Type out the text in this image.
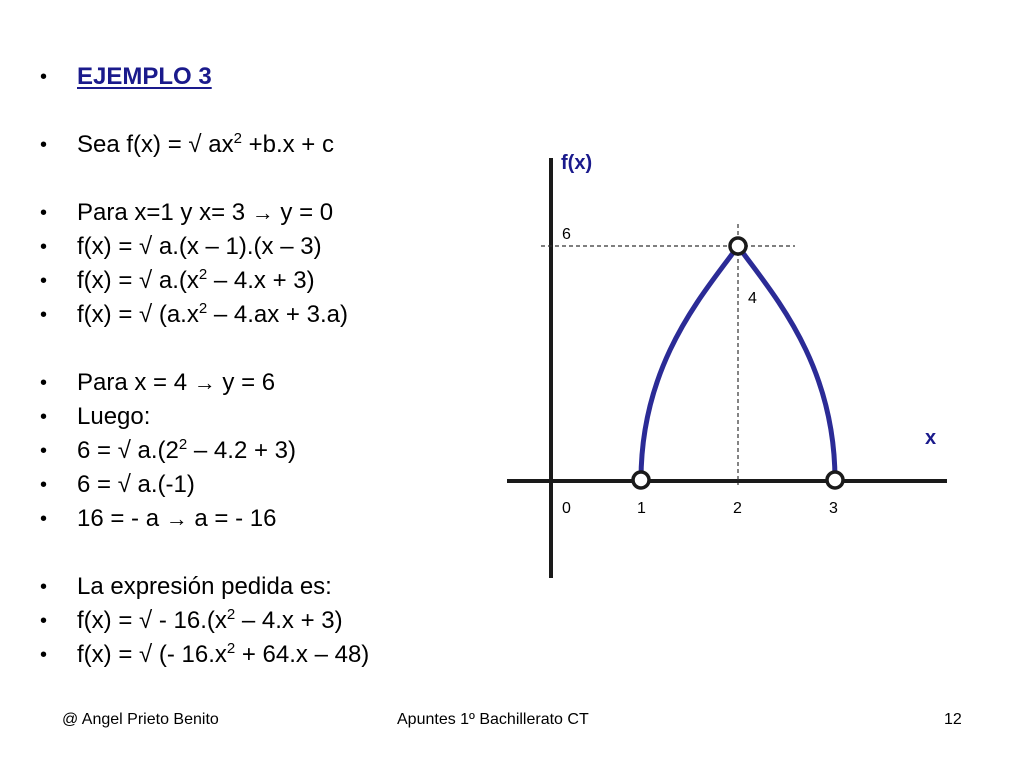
•	EJEMPLO 3
•	Sea f(x) = √ $ax^2 +b.x + c$
•	Para x=1 y x= 3 → y = 0
•	f(x) = √ a.(x – 1).(x – 3)
•	f(x) = √ $a.(x^2 - 4.x + 3)$
•	f(x) = √ $(a.x^2 - 4.ax + 3.a)$
•	Para x = 4 → y = 6
•	Luego:
•	6 = √ $a.(2^2 - 4.2 + 3)$
•	6 = √ a.(-1)
•	16 = - a → a = - 16
•	La expresión pedida es:
•	f(x) = √ - $16.(x^2 - 4.x + 3)$
•	f(x) = √ (- $16.x^2 + 64.x - 48$)
f(x)
x
6
4
0	1	2	3
@ Angel Prieto Benito	Apuntes 1º Bachillerato CT	12
